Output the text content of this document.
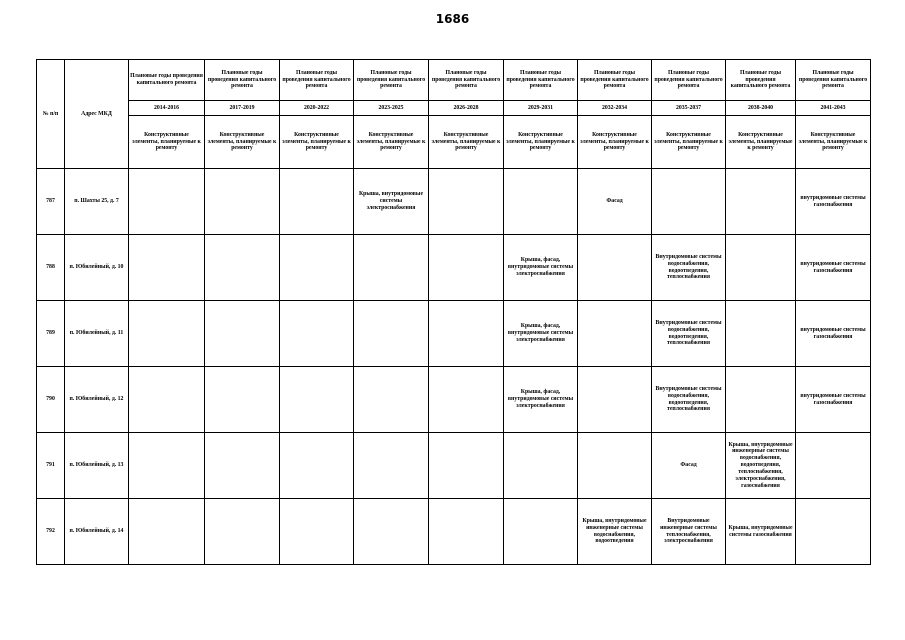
1686
№ п/п	Адрес МКД	Плановые годы проведения капитального ремонта	Плановые годы проведения капитального ремонта	Плановые годы проведения капитального ремонта	Плановые годы проведения капитального ремонта	Плановые годы проведения капитального ремонта	Плановые годы проведения капитального ремонта	Плановые годы проведения капитального ремонта	Плановые годы проведения капитального ремонта	Плановые годы проведения капитального ремонта	Плановые годы проведения капитального ремонта
		2014-2016	2017-2019	2020-2022	2023-2025	2026-2028	2029-2031	2032-2034	2035-2037	2038-2040	2041-2043
		Конструктивные элементы, планируемые к ремонту	Конструктивные элементы, планируемые к ремонту	Конструктивные элементы, планируемые к ремонту	Конструктивные элементы, планируемые к ремонту	Конструктивные элементы, планируемые к ремонту	Конструктивные элементы, планируемые к ремонту	Конструктивные элементы, планируемые к ремонту	Конструктивные элементы, планируемые к ремонту	Конструктивные элементы, планируемые к ремонту	Конструктивные элементы, планируемые к ремонту
787	п. Шахты 25, д. 7				Крыша, внутридомовые системы электроснабжения			Фасад			внутридомовые системы газоснабжения
788	п. Юбилейный, д. 10						Крыша, фасад, внутридомовые системы электроснабжения		Внутридомовые системы водоснабжения, водоотведения, теплоснабжения		внутридомовые системы газоснабжения
789	п. Юбилейный, д. 11						Крыша, фасад, внутридомовые системы электроснабжения		Внутридомовые системы водоснабжения, водоотведения, теплоснабжения		внутридомовые системы газоснабжения
790	п. Юбилейный, д. 12						Крыша, фасад, внутридомовые системы электроснабжения		Внутридомовые системы водоснабжения, водоотведения, теплоснабжения		внутридомовые системы газоснабжения
791	п. Юбилейный, д. 13								Фасад	Крыша, внутридомовые инженерные системы водоснабжения, водоотведения, теплоснабжения, электроснабжения, газоснабжения	
792	п. Юбилейный, д. 14							Крыша, внутридомовые инженерные системы водоснабжения, водоотведения	Внутридомовые инженерные системы теплоснабжения, электроснабжения	Крыша, внутридомовые системы газоснабжения	
